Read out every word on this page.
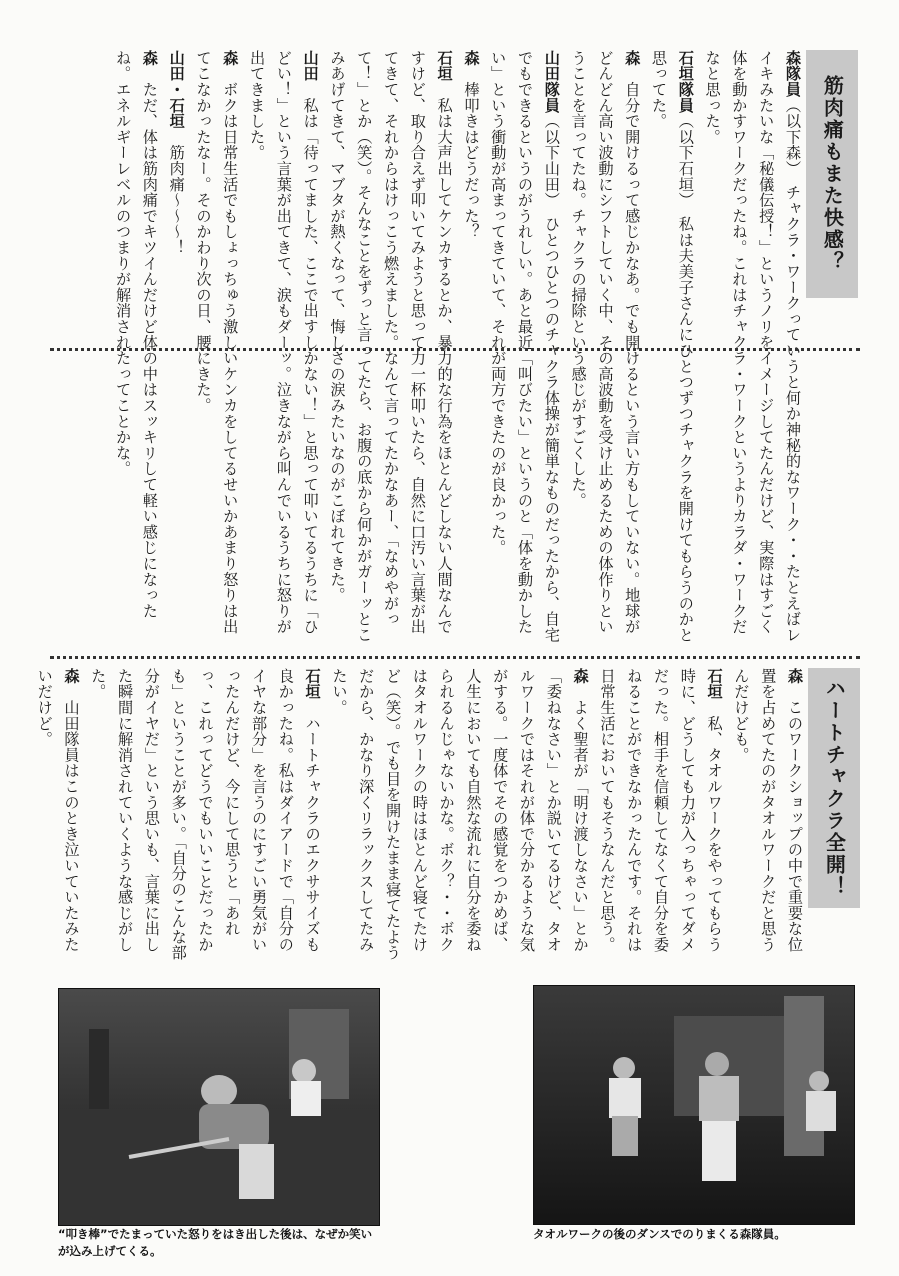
筋肉痛もまた快感？

森隊員（以下森）　チャクラ・ワークっていうと何か神秘的なワーク・・たとえばレイキみたいな「秘儀伝授！」というノリをイメージしてたんだけど、実際はすごく体を動かすワークだったね。これはチャクラ・ワークというよりカラダ・ワークだなと思った。

石垣隊員（以下石垣）　私は夫美子さんにひとつずつチャクラを開けてもらうのかと思ってた。

森　自分で開けるって感じかなあ。でも開けるという言い方もしていない。地球がどんどん高い波動にシフトしていく中、その高波動を受け止めるための体作りということを言ってたね。チャクラの掃除という感じがすごくした。

山田隊員（以下山田）　ひとつひとつのチャクラ体操が簡単なものだったから、自宅でもできるというのがうれしい。あと最近「叫びたい」というのと「体を動かしたい」という衝動が高まってきていて、それが両方できたのが良かった。

森　棒叩きはどうだった？

石垣　私は大声出してケンカするとか、暴力的な行為をほとんどしない人間なんですけど、取り合えず叩いてみようと思って力一杯叩いたら、自然に口汚い言葉が出てきて、それからはけっこう燃えました。なんて言ってたかなあー、「なめやがって！」とか（笑）。そんなことをずっと言ってたら、お腹の底から何かがガーッとこみあげてきて、マブタが熱くなって、悔しさの涙みたいなのがこぼれてきた。

山田　私は「待ってました、ここで出すしかない！」と思って叩いてるうちに「ひどい！」という言葉が出てきて、涙もダーッ。泣きながら叫んでいるうちに怒りが出てきました。

森　ボクは日常生活でもしょっちゅう激しいケンカをしてるせいかあまり怒りは出てこなかったなー。そのかわり次の日、腰にきた。

山田・石垣　筋肉痛〜〜〜！

森　ただ、体は筋肉痛でキツイんだけど体の中はスッキリして軽い感じになったね。エネルギーレベルのつまりが解消されたってことかな。

ハートチャクラ全開！

森　このワークショップの中で重要な位置を占めてたのがタオルワークだと思うんだけども。

石垣　私、タオルワークをやってもらう時に、どうしても力が入っちゃってダメだった。相手を信頼してなくて自分を委ねることができなかったんです。それは日常生活においてもそうなんだと思う。

森　よく聖者が「明け渡しなさい」とか「委ねなさい」とか説いてるけど、タオルワークではそれが体で分かるような気がする。一度体でその感覚をつかめば、人生においても自然な流れに自分を委ねられるんじゃないかな。ボク？・・ボクはタオルワークの時はほとんど寝てたけど（笑）。でも目を開けたまま寝てたようだから、かなり深くリラックスしてたみたい。

石垣　ハートチャクラのエクササイズも良かったね。私はダイアードで「自分のイヤな部分」を言うのにすごい勇気がいったんだけど、今にして思うと「あれっ、これってどうでもいいことだったかも」ということが多い。「自分のこんな部分がイヤだ」という思いも、言葉に出した瞬間に解消されていくような感じがした。

森　山田隊員はこのとき泣いていたみたいだけど。

“叩き棒”でたまっていた怒りをはき出した後は、なぜか笑いが込み上げてくる。
タオルワークの後のダンスでのりまくる森隊員。
